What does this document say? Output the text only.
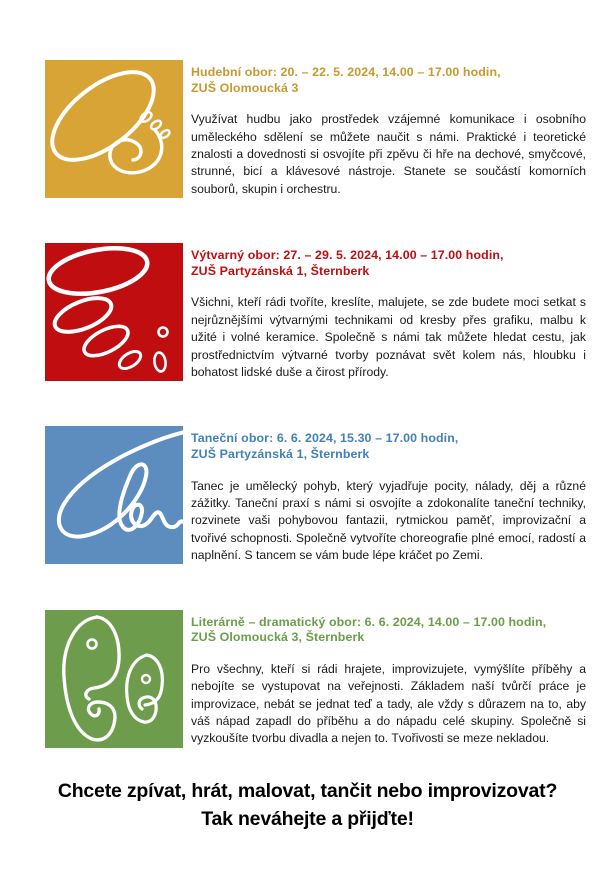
Hudební obor: 20. – 22. 5. 2024, 14.00 – 17.00 hodin,
ZUŠ Olomoucká 3

Využívat hudbu jako prostředek vzájemné komunikace i osobního uměleckého sdělení se můžete naučit s námi. Praktické i teoretické znalosti a dovednosti si osvojíte při zpěvu či hře na dechové, smyčcové, strunné, bicí a klávesové nástroje. Stanete se součástí komorních souborů, skupin i orchestru.

Výtvarný obor: 27. – 29. 5. 2024, 14.00 – 17.00 hodin,
ZUŠ Partyzánská 1, Šternberk

Všichni, kteří rádi tvoříte, kreslíte, malujete, se zde budete moci setkat s nejrůznějšími výtvarnými technikami od kresby přes grafiku, malbu k užité i volné keramice. Společně s námi tak můžete hledat cestu, jak prostřednictvím výtvarné tvorby poznávat svět kolem nás, hloubku i bohatost lidské duše a čirost přírody.

Taneční obor: 6. 6. 2024, 15.30 – 17.00 hodin,
ZUŠ Partyzánská 1, Šternberk

Tanec je umělecký pohyb, který vyjadřuje pocity, nálady, děj a různé zážitky. Taneční praxí s námi si osvojíte a zdokonalíte taneční techniky, rozvinete vaši pohybovou fantazii, rytmickou paměť, improvizační a tvořivé schopnosti. Společně vytvoříte choreografie plné emocí, radostí a naplnění. S tancem se vám bude lépe kráčet po Zemi.

Literárně – dramatický obor: 6. 6. 2024, 14.00 – 17.00 hodin,
ZUŠ Olomoucká 3, Šternberk

Pro všechny, kteří si rádi hrajete, improvizujete, vymýšlíte příběhy a nebojíte se vystupovat na veřejnosti. Základem naší tvůrčí práce je improvizace, nebát se jednat teď a tady, ale vždy s důrazem na to, aby váš nápad zapadl do příběhu a do nápadu celé skupiny. Společně si vyzkoušíte tvorbu divadla a nejen to. Tvořivosti se meze nekladou.

Chcete zpívat, hrát, malovat, tančit nebo improvizovat?
Tak neváhejte a přijďte!
